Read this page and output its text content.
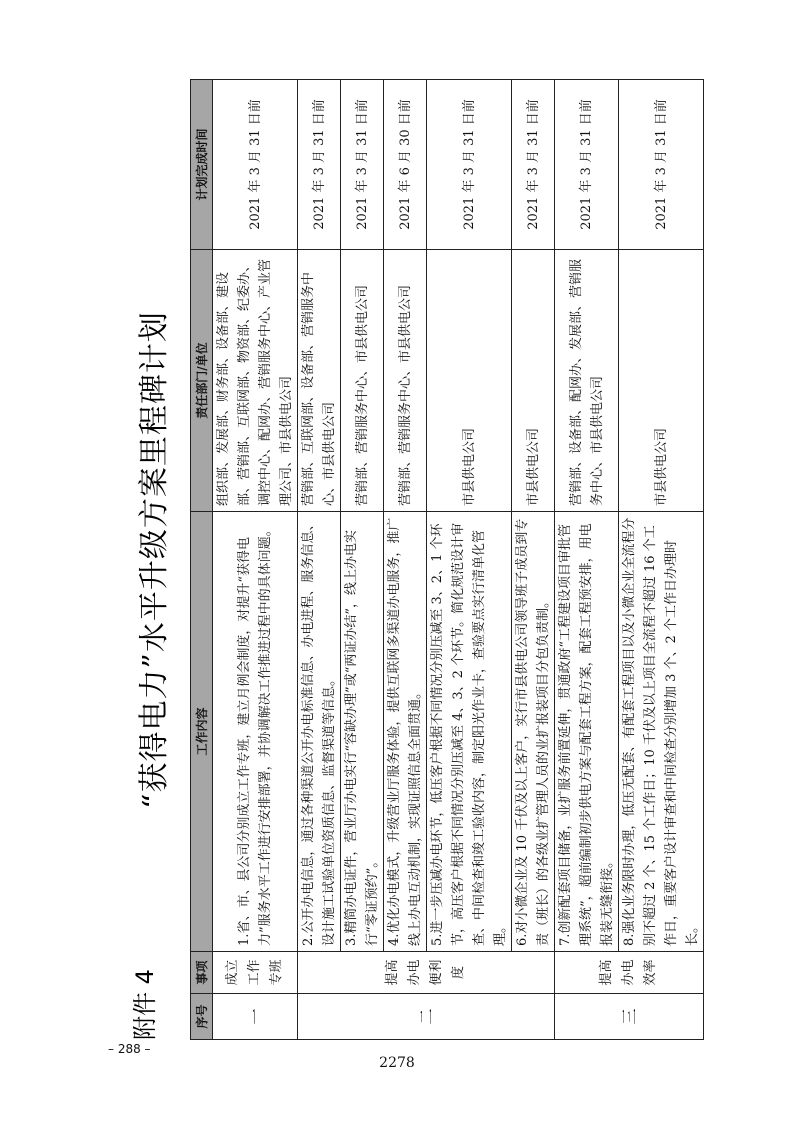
附件 4
“获得电力”水平升级方案里程碑计划
序号	事项	工作内容	责任部门/单位	计划完成时间
一	成立工作专班	1.省、市、县公司分别成立工作专班，建立月例会制度，对提升“获得电力”服务水平工作进行安排部署，并协调解决工作推进过程中的具体问题。	组织部、发展部、财务部、设备部、建设部、营销部、互联网部、物资部、纪委办、调控中心、配网办、营销服务中心、产业管理公司、市县供电公司	2021 年 3 月 31 日前
二	提高办电便利度	2.公开办电信息，通过各种渠道公开办电标准信息、办电进程、服务信息、设计施工试验单位资质信息、监督渠道等信息。	营销部、互联网部、设备部、营销服务中心、市县供电公司	2021 年 3 月 31 日前
		3.精简办电证件，营业厅办电实行“容缺办理”或“两证办结”，线上办电实行“零证预约”。	营销部、营销服务中心、市县供电公司	2021 年 3 月 31 日前
		4.优化办电模式，升级营业厅服务体验，提供互联网多渠道办电服务，推广线上办电互动机制，实现证照信息全面贯通。	营销部、营销服务中心、市县供电公司	2021 年 6 月 30 日前
		5.进一步压减办电环节，低压客户根据不同情况分别压减至 3、2、1 个环节，高压客户根据不同情况分别压减至 4、3、2 个环节。简化规范设计审查、中间检查和竣工验收内容，制定阳光作业卡，查验要点实行清单化管理。	市县供电公司	2021 年 3 月 31 日前
		6.对小微企业及 10 千伏及以上客户，实行市县供电公司领导班子成员到专责（班长）的各级业扩管理人员的业扩报装项目分包负责制。	市县供电公司	2021 年 3 月 31 日前
三	提高办电效率	7.创新配套项目储备，业扩服务前置延伸，贯通政府“工程建设项目审批管理系统”，超前编制初步供电方案与配套工程方案，配套工程预安排，用电报装无缝衔接。	营销部、设备部、配网办、发展部、营销服务中心、市县供电公司	2021 年 3 月 31 日前
		8.强化业务限时办理，低压无配套、有配套工程项目以及小微企业全流程分别不超过 2 个、15 个工作日；10 千伏及以上项目全流程不超过 16 个工作日，重要客户设计审查和中间检查分别增加 3 个、2 个工作日办理时长。	市县供电公司	2021 年 3 月 31 日前
– 288 –
2278
